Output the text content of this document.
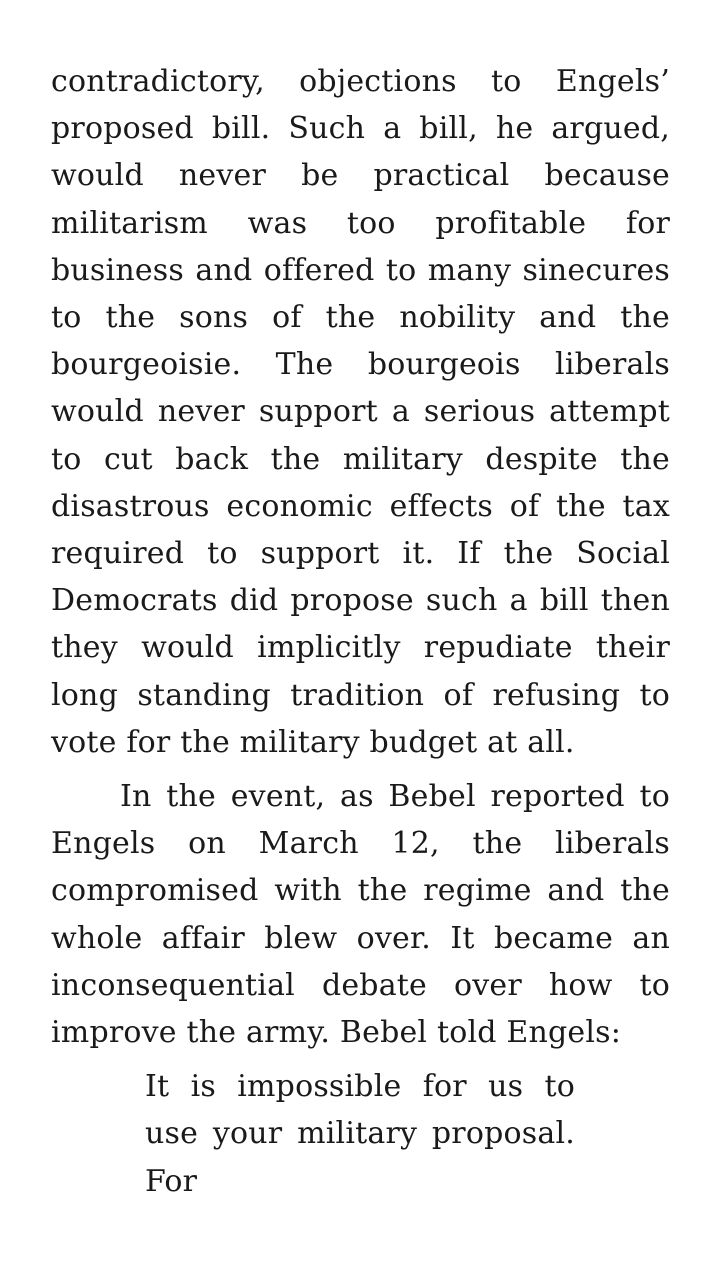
contradictory, objections to Engels’ proposed bill. Such a bill, he argued, would never be practical because militarism was too profitable for business and offered to many sinecures to the sons of the nobility and the bourgeoisie. The bourgeois liberals would never support a serious attempt to cut back the military despite the disastrous economic effects of the tax required to support it. If the Social Democrats did propose such a bill then they would implicitly repudiate their long standing tradition of refusing to vote for the military budget at all.

In the event, as Bebel reported to Engels on March 12, the liberals compromised with the regime and the whole affair blew over. It became an inconsequential debate over how to improve the army. Bebel told Engels:

It is impossible for us to use your military proposal. For
